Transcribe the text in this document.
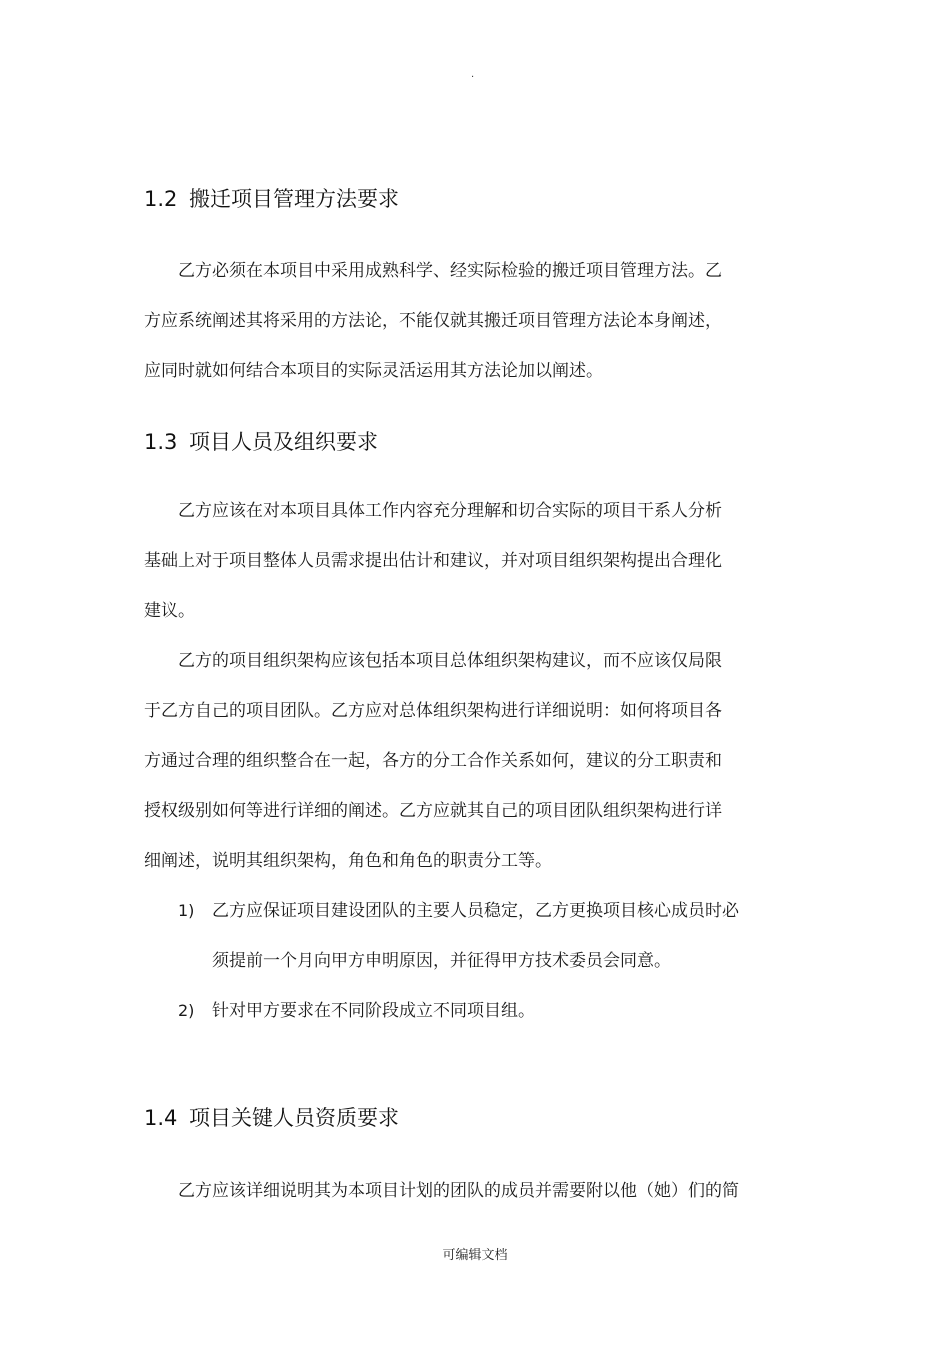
·
1.2 搬迁项目管理方法要求
乙方必须在本项目中采用成熟科学、经实际检验的搬迁项目管理方法。乙
方应系统阐述其将采用的方法论，不能仅就其搬迁项目管理方法论本身阐述，
应同时就如何结合本项目的实际灵活运用其方法论加以阐述。
1.3 项目人员及组织要求
乙方应该在对本项目具体工作内容充分理解和切合实际的项目干系人分析
基础上对于项目整体人员需求提出估计和建议，并对项目组织架构提出合理化
建议。
乙方的项目组织架构应该包括本项目总体组织架构建议，而不应该仅局限
于乙方自己的项目团队。乙方应对总体组织架构进行详细说明：如何将项目各
方通过合理的组织整合在一起，各方的分工合作关系如何，建议的分工职责和
授权级别如何等进行详细的阐述。乙方应就其自己的项目团队组织架构进行详
细阐述，说明其组织架构，角色和角色的职责分工等。
1) 乙方应保证项目建设团队的主要人员稳定，乙方更换项目核心成员时必
须提前一个月向甲方申明原因，并征得甲方技术委员会同意。
2) 针对甲方要求在不同阶段成立不同项目组。
1.4 项目关键人员资质要求
乙方应该详细说明其为本项目计划的团队的成员并需要附以他（她）们的简
可编辑文档
